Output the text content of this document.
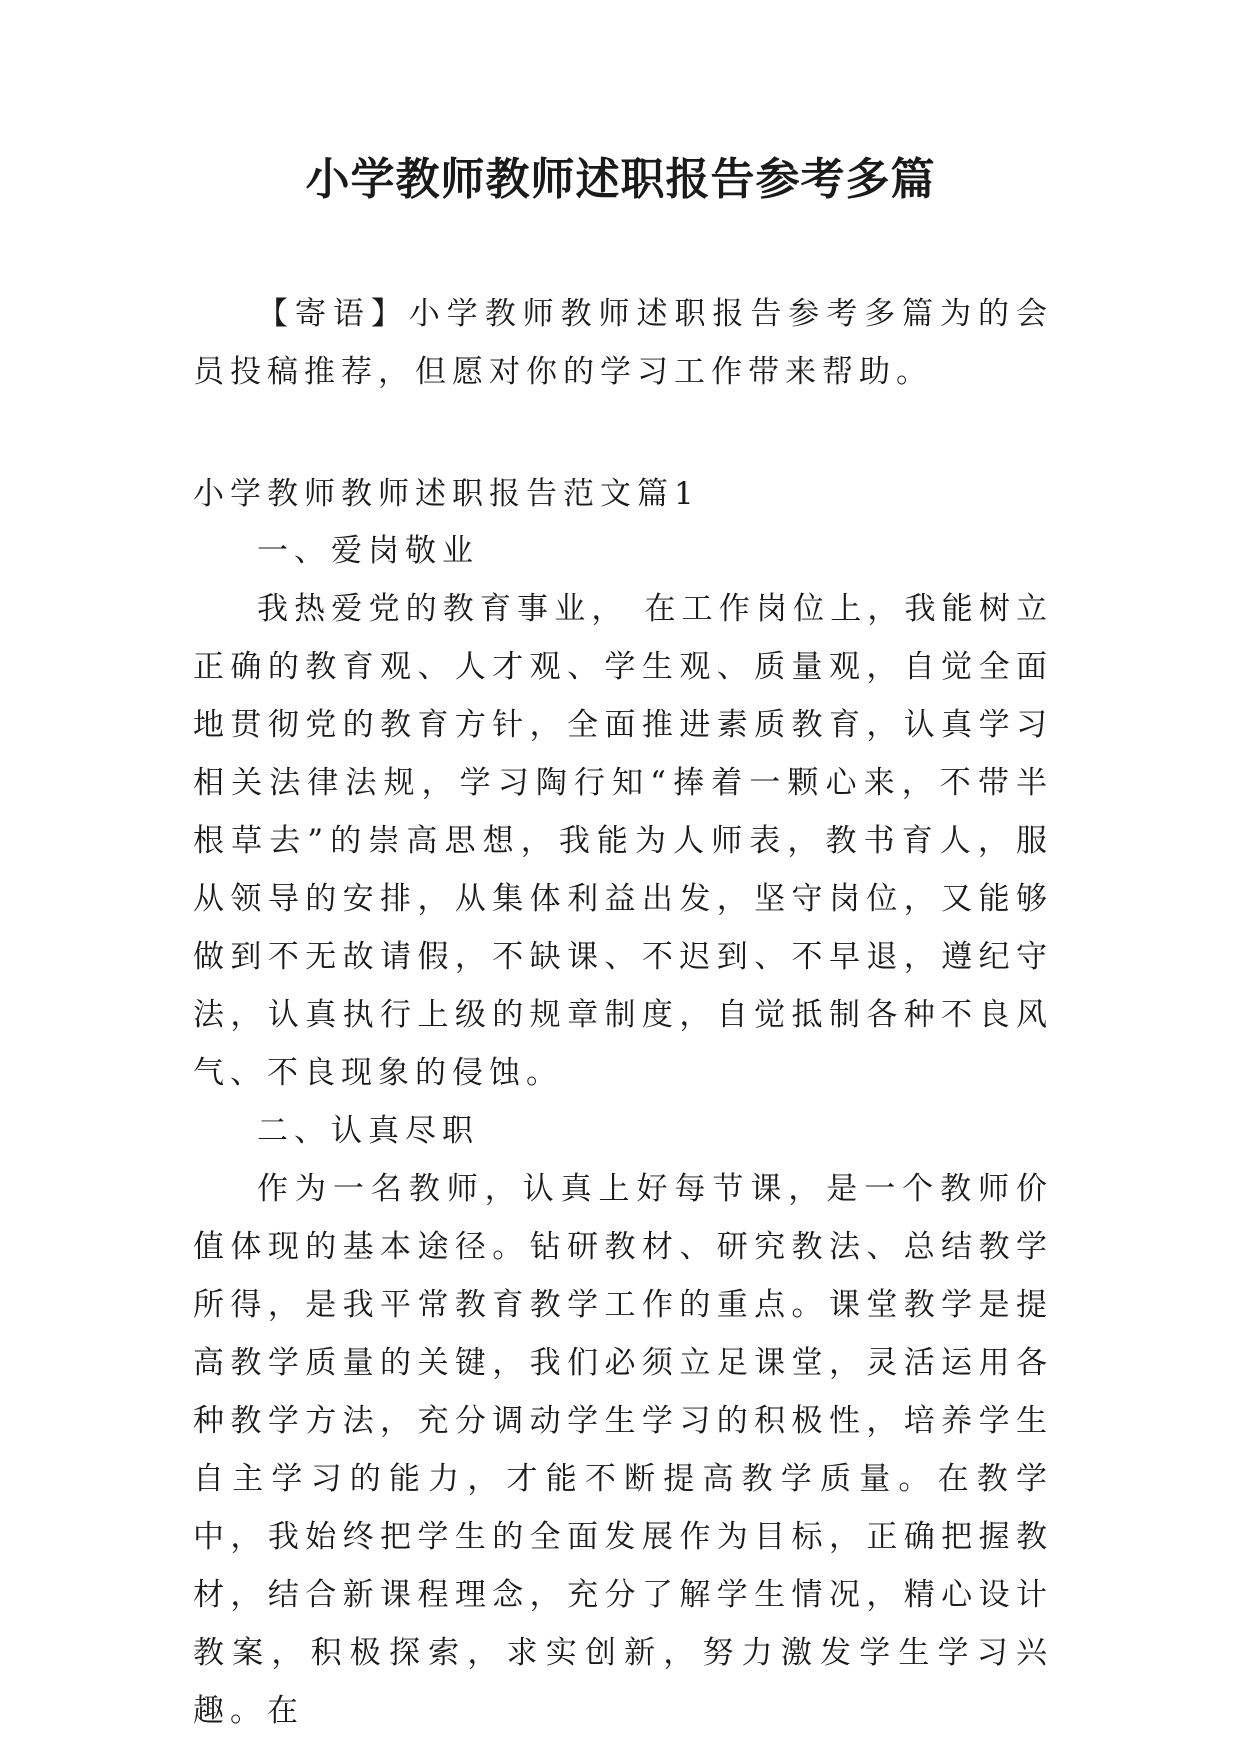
小学教师教师述职报告参考多篇

【寄语】小学教师教师述职报告参考多篇为的会员投稿推荐，但愿对你的学习工作带来帮助。

小学教师教师述职报告范文篇1

一、爱岗敬业

我热爱党的教育事业， 在工作岗位上，我能树立正确的教育观、人才观、学生观、质量观，自觉全面地贯彻党的教育方针，全面推进素质教育，认真学习相关法律法规，学习陶行知“捧着一颗心来，不带半根草去”的崇高思想，我能为人师表，教书育人，服从领导的安排，从集体利益出发，坚守岗位，又能够做到不无故请假，不缺课、不迟到、不早退，遵纪守法，认真执行上级的规章制度，自觉抵制各种不良风气、不良现象的侵蚀。

二、认真尽职

作为一名教师，认真上好每节课，是一个教师价值体现的基本途径。钻研教材、研究教法、总结教学所得，是我平常教育教学工作的重点。课堂教学是提高教学质量的关键，我们必须立足课堂，灵活运用各种教学方法，充分调动学生学习的积极性，培养学生自主学习的能力，才能不断提高教学质量。在教学中，我始终把学生的全面发展作为目标，正确把握教材，结合新课程理念，充分了解学生情况，精心设计教案，积极探索，求实创新，努力激发学生学习兴趣。在
